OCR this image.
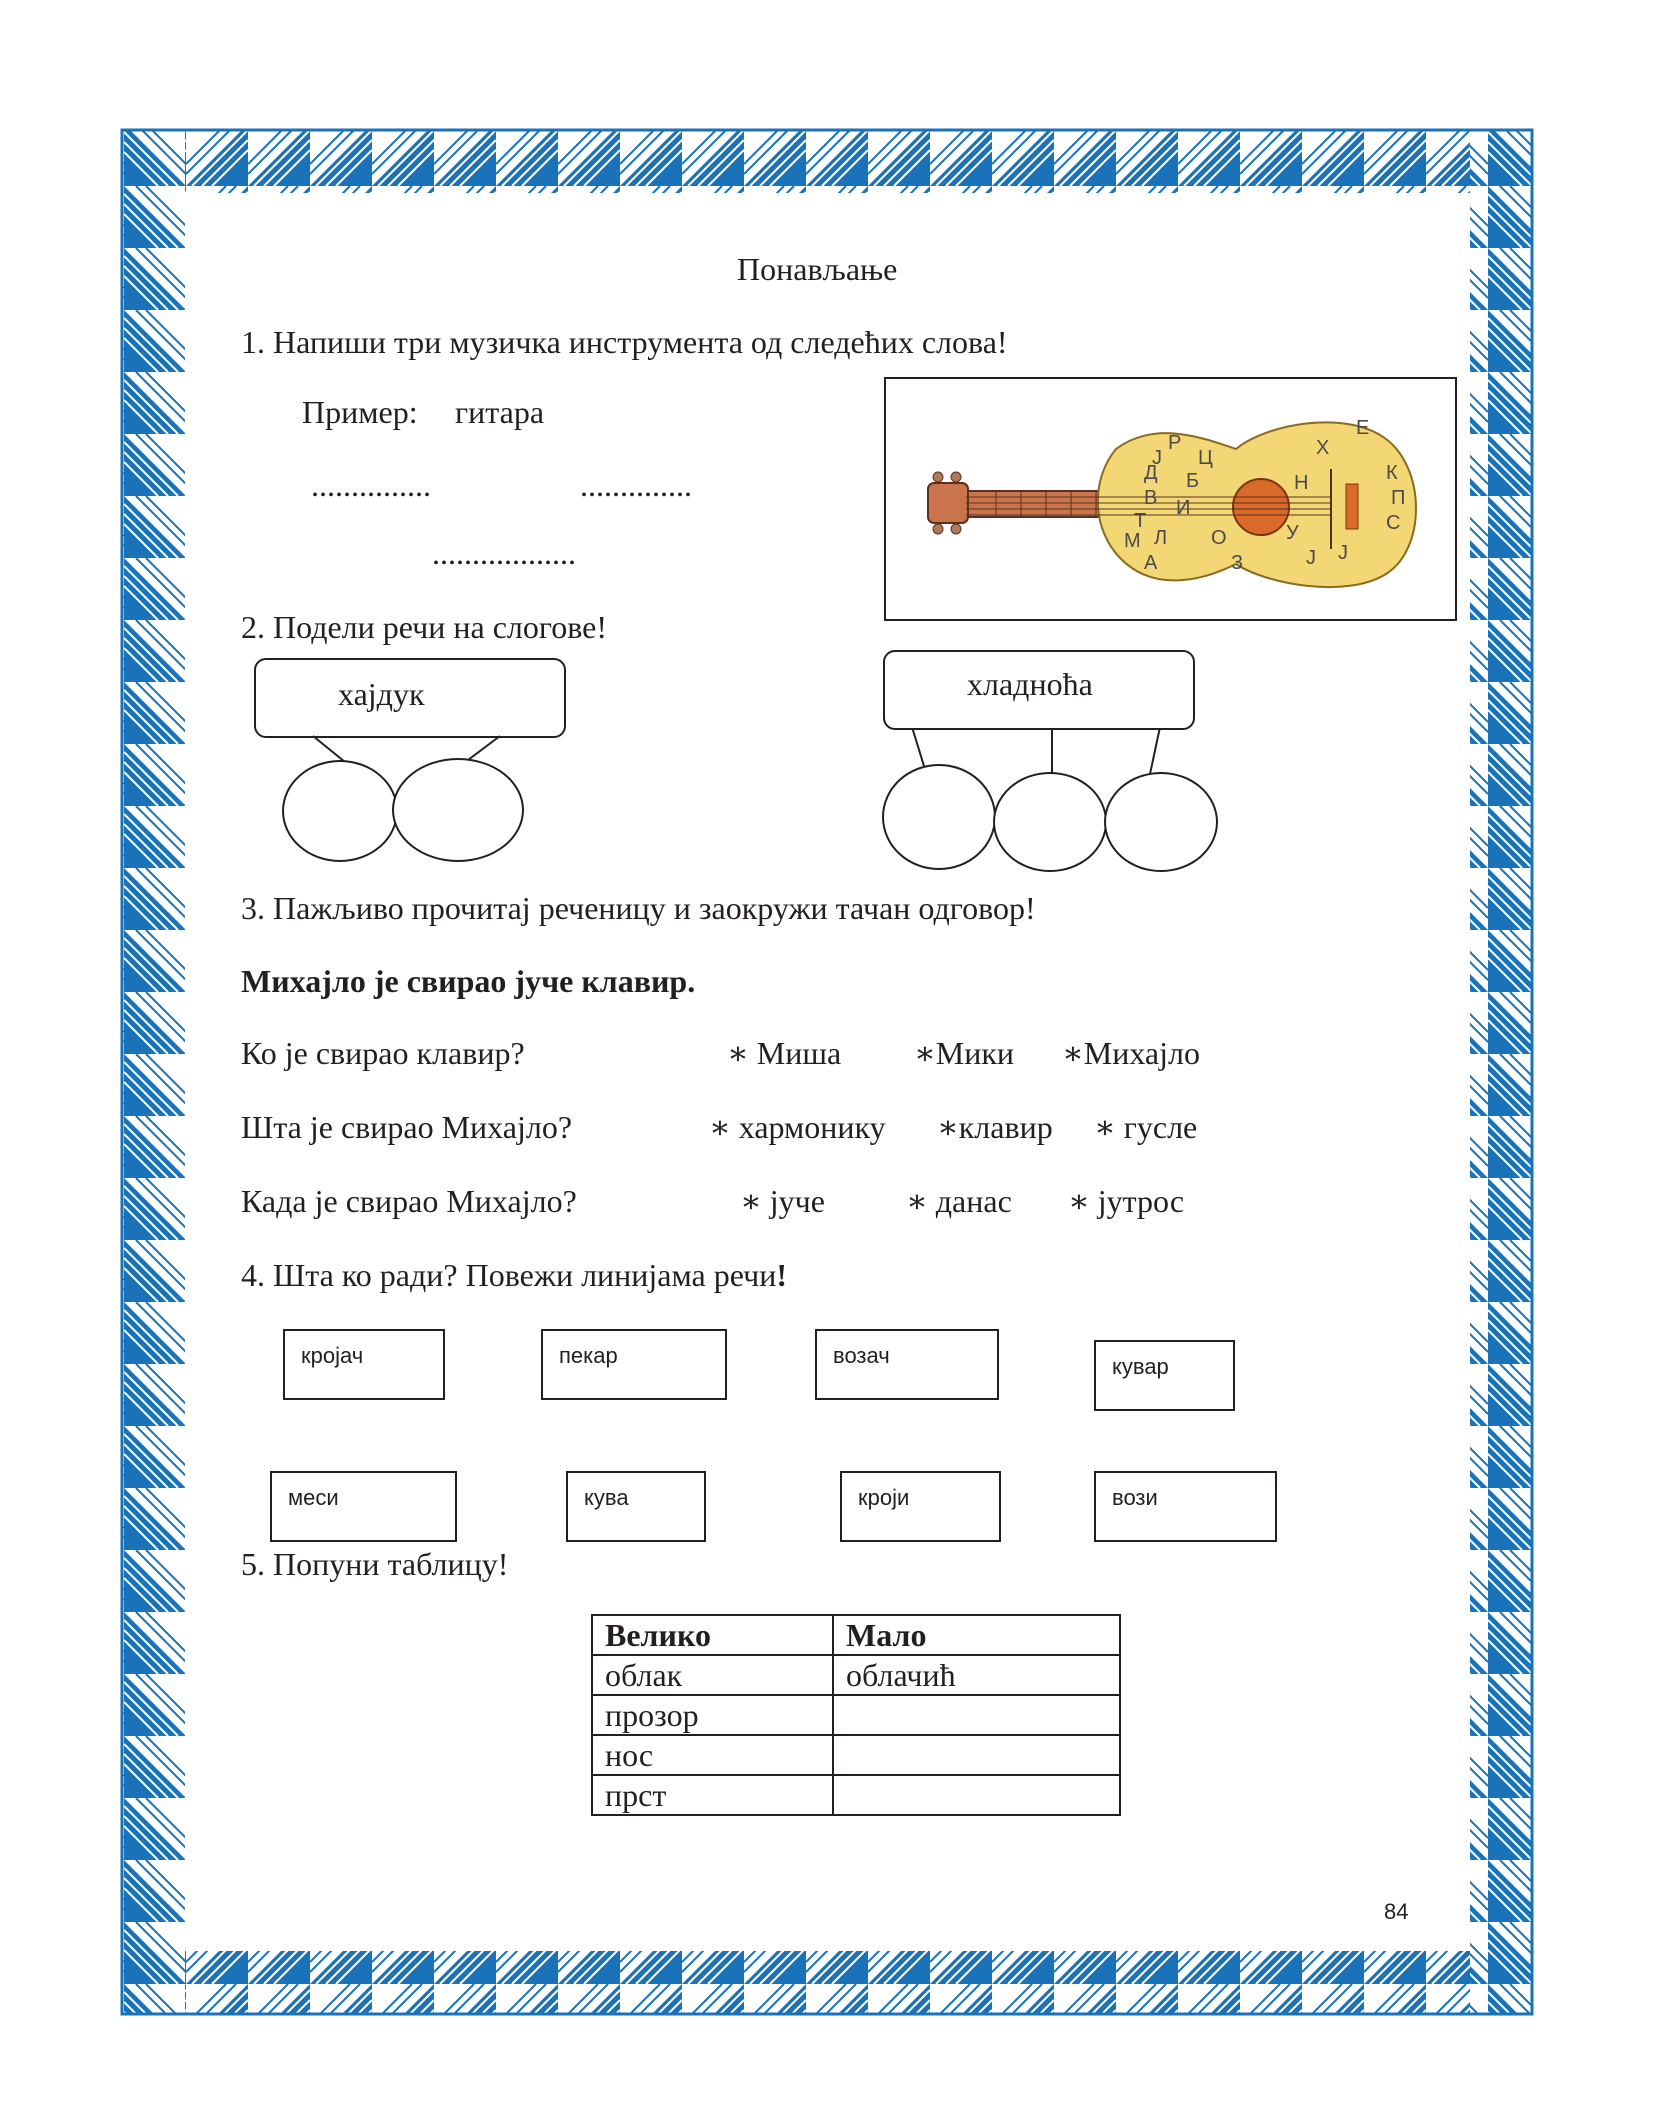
Понављање
1. Напиши три музичка инструмента од следећих слова!
Пример: гитара
...............	..............
..................
Р
Ј Ц
Б
Д
В И
Т
М Л
А	З
О
Н
Х
Е
У
Ј Ј
С
П
К
2. Подели речи на слогове!
хајдук	хладноћа
3. Пажљиво прочитај реченицу и заокружи тачан одговор!
Михајло је свирао јуче клавир.
Ко је свирао клавир?	∗ Миша ∗Мики ∗Михајло
Шта је свирао Михајло?	∗ хармонику ∗клавир ∗ гусле
Када је свирао Михајло?	∗ јуче	∗ данас ∗ јутрос
4. Шта ко ради? Повежи линијама речи!
кројач	пекар	возач	кувар
меси	кува	кроји	вози
5. Попуни таблицу!
Велико	Мало
облак	облачић
прозор	
нос	
прст	
84
